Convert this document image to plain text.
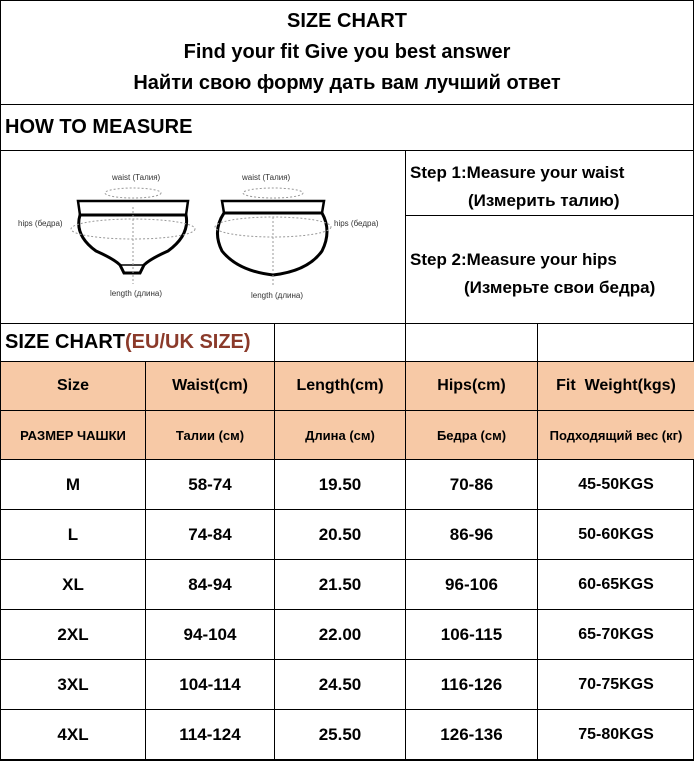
SIZE CHART
Find your fit Give you best answer
Найти свою форму дать вам лучший ответ
HOW TO MEASURE
waist (Талия)
hips (бедра)
length (длина)
waist (Талия)
hips (бедра)
length (длина)
Step 1:Measure your waist
(Измерить талию)
Step 2:Measure your hips
(Измерьте свои бедра)
SIZE CHART(EU/UK SIZE)
Size	Waist(cm)	Length(cm)	Hips(cm)	Fit  Weight(kgs)
РАЗМЕР ЧАШКИ	Талии (см)	Длина (см)	Бедра (см)	Подходящий вес (кг)
M	58-74	19.50	70-86	45-50KGS
L	74-84	20.50	86-96	50-60KGS
XL	84-94	21.50	96-106	60-65KGS
2XL	94-104	22.00	106-115	65-70KGS
3XL	104-114	24.50	116-126	70-75KGS
4XL	114-124	25.50	126-136	75-80KGS
